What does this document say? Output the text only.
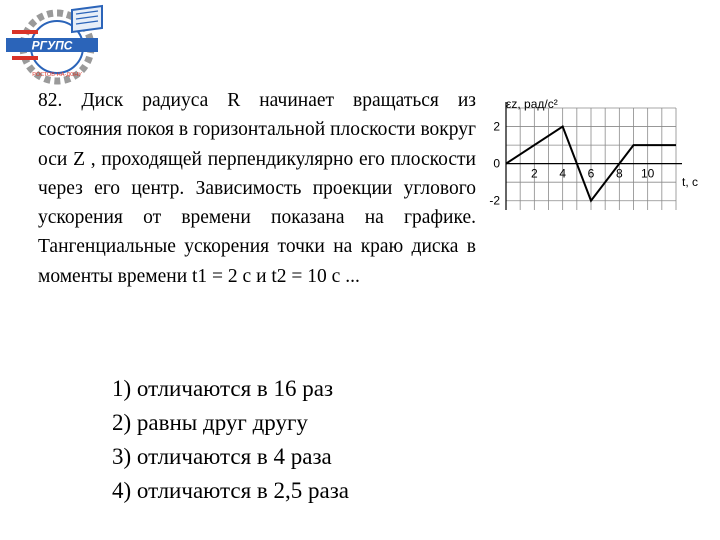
РГУПС
РОСТОВ-НА-ДОНУ

82. Диск радиуса R начинает вращаться из состояния покоя в горизонтальной плоскости вокруг оси Z , проходящей перпендикулярно его плоскости через его центр. Зависимость проекции углового ускорения от времени показана на графике. Тангенциальные ускорения точки на краю диска в моменты времени t1 = 2 с и t2 = 10 с ...

2 4 6 8 10
2
0
-2
εz, рад/с²
t, с
1) отличаются в 16 раз
2) равны друг другу
3) отличаются в 4 раза
4) отличаются в 2,5 раза
